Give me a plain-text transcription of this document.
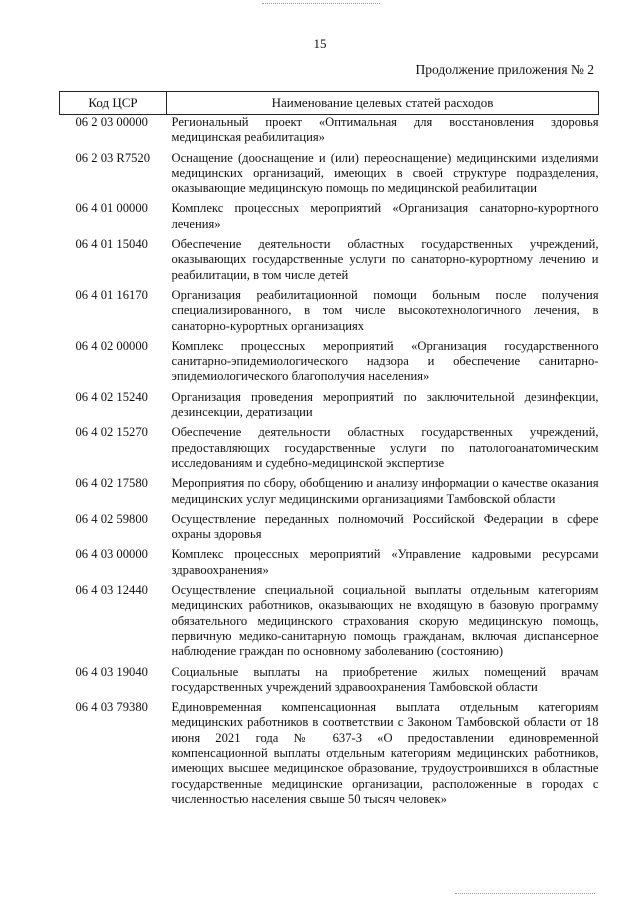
15
Продолжение приложения № 2
Код ЦСР	Наименование целевых статей расходов
06 2 03 00000	Региональный проект «Оптимальная для восстановления здоровья медицинская реабилитация»
06 2 03 R7520	Оснащение (дооснащение и (или) переоснащение) медицинскими изделиями медицинских организаций, имеющих в своей структуре подразделения, оказывающие медицинскую помощь по медицинской реабилитации
06 4 01 00000	Комплекс процессных мероприятий «Организация санаторно-курортного лечения»
06 4 01 15040	Обеспечение деятельности областных государственных учреждений, оказывающих государственные услуги по санаторно-курортному лечению и реабилитации, в том числе детей
06 4 01 16170	Организация реабилитационной помощи больным после получения специализированного, в том числе высокотехнологичного лечения, в санаторно-курортных организациях
06 4 02 00000	Комплекс процессных мероприятий «Организация государственного санитарно-эпидемиологического надзора и обеспечение санитарно-эпидемиологического благополучия населения»
06 4 02 15240	Организация проведения мероприятий по заключительной дезинфекции, дезинсекции, дератизации
06 4 02 15270	Обеспечение деятельности областных государственных учреждений, предоставляющих государственные услуги по патологоанатомическим исследованиям и судебно-медицинской экспертизе
06 4 02 17580	Мероприятия по сбору, обобщению и анализу информации о качестве оказания медицинских услуг медицинскими организациями Тамбовской области
06 4 02 59800	Осуществление переданных полномочий Российской Федерации в сфере охраны здоровья
06 4 03 00000	Комплекс процессных мероприятий «Управление кадровыми ресурсами здравоохранения»
06 4 03 12440	Осуществление специальной социальной выплаты отдельным категориям медицинских работников, оказывающих не входящую в базовую программу обязательного медицинского страхования скорую медицинскую помощь, первичную медико-санитарную помощь гражданам, включая диспансерное наблюдение граждан по основному заболеванию (состоянию)
06 4 03 19040	Социальные выплаты на приобретение жилых помещений врачам государственных учреждений здравоохранения Тамбовской области
06 4 03 79380	Единовременная компенсационная выплата отдельным категориям медицинских работников в соответствии с Законом Тамбовской области от 18 июня 2021 года № 637-З «О предоставлении единовременной компенсационной выплаты отдельным категориям медицинских работников, имеющих высшее медицинское образование, трудоустроившихся в областные государственные медицинские организации, расположенные в городах с численностью населения свыше 50 тысяч человек»
